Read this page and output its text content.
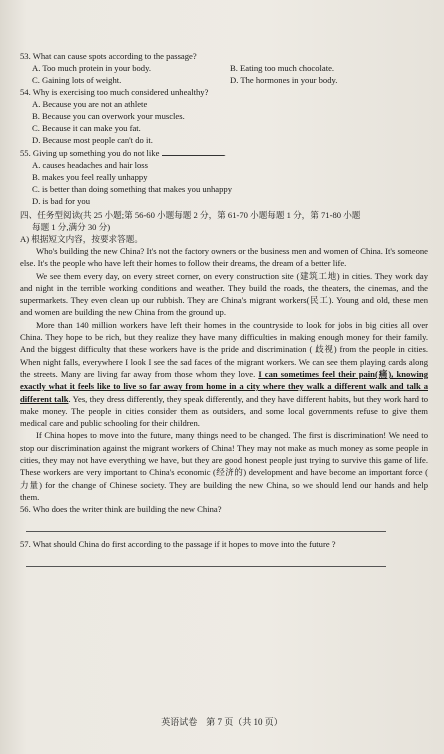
53. What can cause spots according to the passage?

A. Too much protein in your body.	B. Eating too much chocolate.
C. Gaining lots of weight.	D. The hormones in your body.

54. Why is exercising too much considered unhealthy?

A. Because you are not an athlete

B. Because you can overwork your muscles.

C. Because it can make you fat.

D. Because most people can't do it.

55. Giving up something you do not like	.

A. causes headaches and hair loss

B. makes you feel really unhappy

C. is better than doing something that makes you unhappy

D. is bad for you

四、任务型阅读(共 25 小题;第 56-60 小题每题 2 分，第 61-70 小题每题 1 分，第 71-80 小题

每题 1 分,满分 30 分)

A) 根据短文内容，按要求答题。

Who's building the new China? It's not the factory owners or the business men and women of China. It's someone else. It's the people who have left their homes to follow their dreams, the dream of a better life.

We see them every day, on every street corner, on every construction site (建筑工地) in cities. They work day and night in the terrible working conditions and weather. They build the roads, the theaters, the cinemas, and the supermarkets. They even clean up our rubbish. They are China's migrant workers(民工). Young and old, these men and women are building the new China from the ground up.

More than 140 million workers have left their homes in the countryside to look for jobs in big cities all over China. They hope to be rich, but they realize they have many difficulties in making enough money for their family. And the biggest difficulty that these workers have is the pride and discrimination ( 歧视) from the people in cities. When night falls, everywhere I look I see the sad faces of the migrant workers. We can see them playing cards along the streets. Many are living far away from those whom they love. I can sometimes feel their pain(痛), knowing exactly what it feels like to live so far away from home in a city where they walk a different walk and talk a different talk. Yes, they dress differently, they speak differently, and they have different habits, but they work hard to make money. The people in cities consider them as outsiders, and some local governments refuse to give them medical care and public schooling for their children.

If China hopes to move into the future, many things need to be changed. The first is discrimination! We need to stop our discrimination against the migrant workers of China! They may not make as much money as some people in cities, they may not have everything we have, but they are good honest people just trying to survive this game of life. These workers are very important to China's economic (经济的) development and have become an important force ( 力量) for the change of Chinese society. They are building the new China, so we should lend our hands and help them.

56. Who does the writer think are building the new China?

57. What should China do first according to the passage if it hopes to move into the future ?

英语试卷　第 7 页（共 10 页）
